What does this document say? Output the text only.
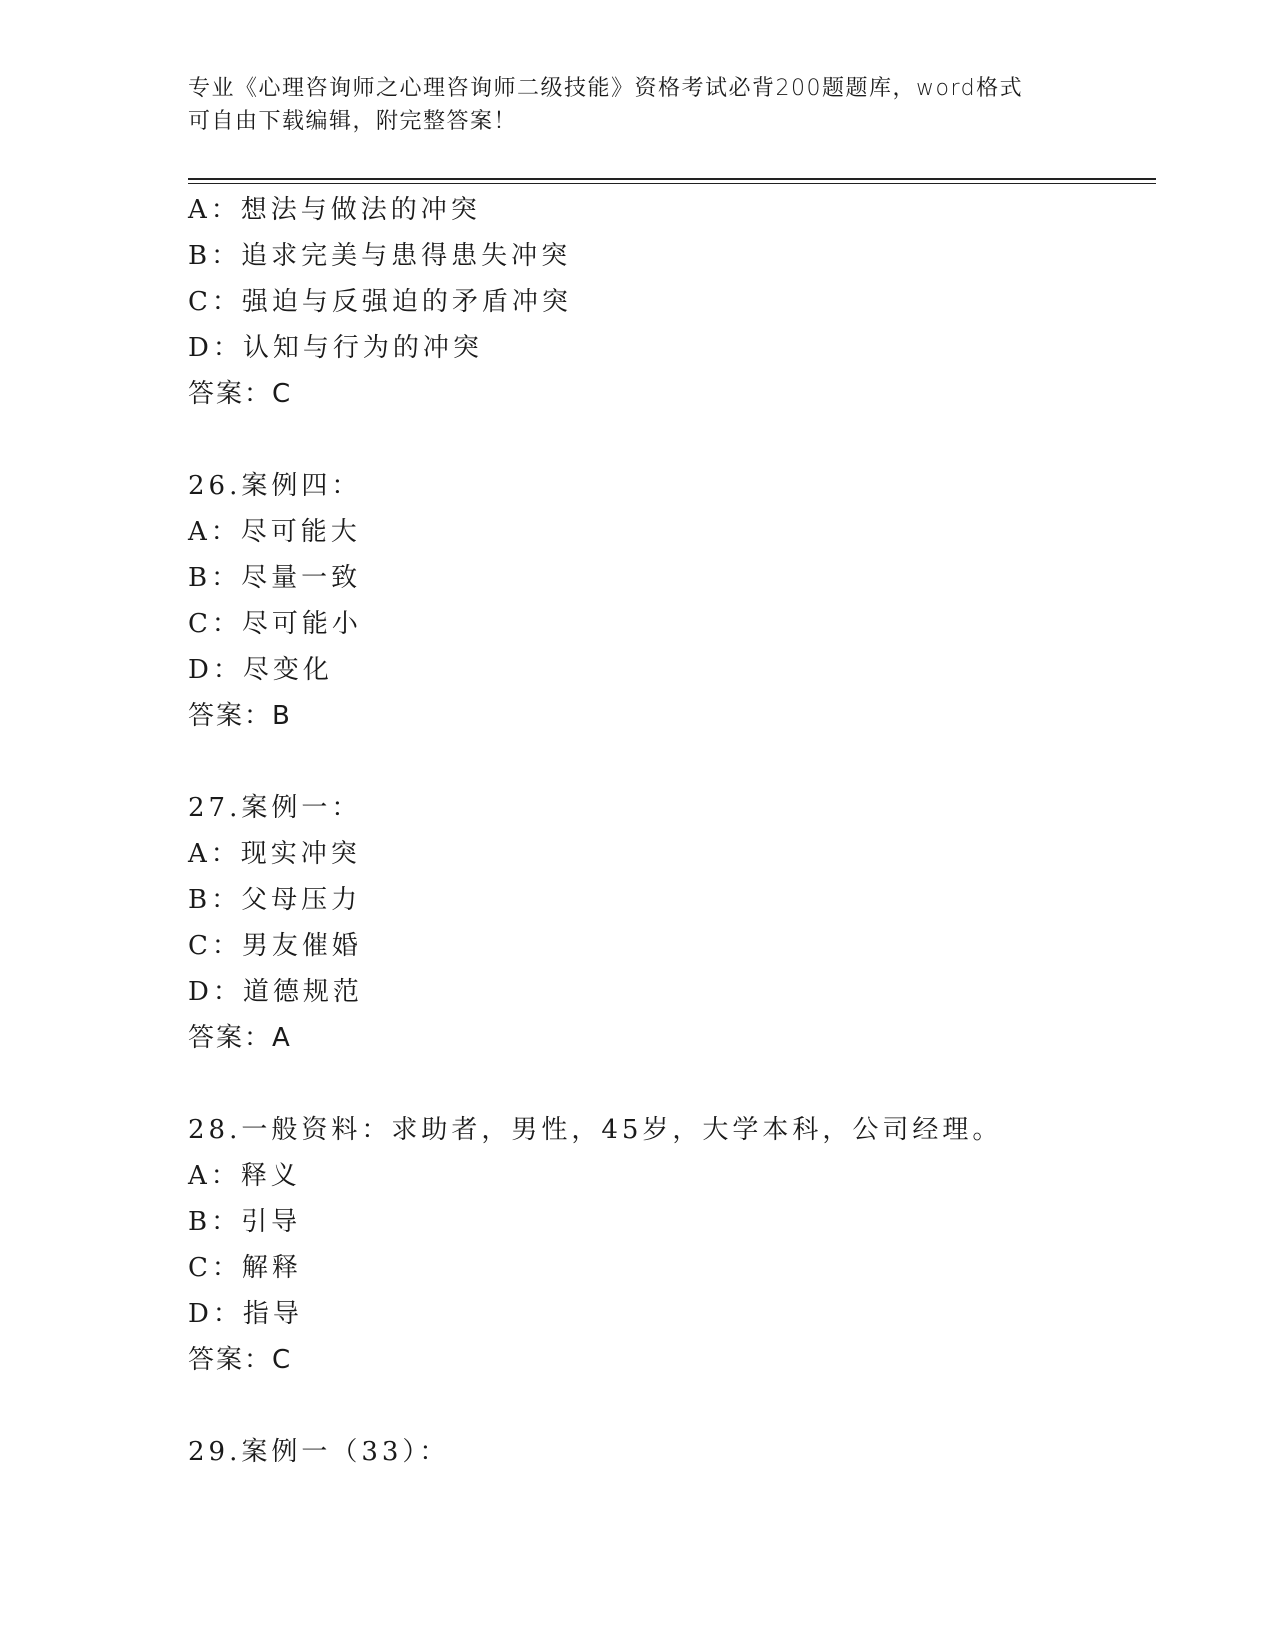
专业《心理咨询师之心理咨询师二级技能》资格考试必背200题题库，word格式
可自由下载编辑，附完整答案！
A：想法与做法的冲突
B：追求完美与患得患失冲突
C：强迫与反强迫的矛盾冲突
D：认知与行为的冲突
答案：C
26.案例四：
A：尽可能大
B：尽量一致
C：尽可能小
D：尽变化
答案：B
27.案例一：
A：现实冲突
B：父母压力
C：男友催婚
D：道德规范
答案：A
28.一般资料：求助者，男性，45岁，大学本科，公司经理。
A：释义
B：引导
C：解释
D：指导
答案：C
29.案例一（33）：
